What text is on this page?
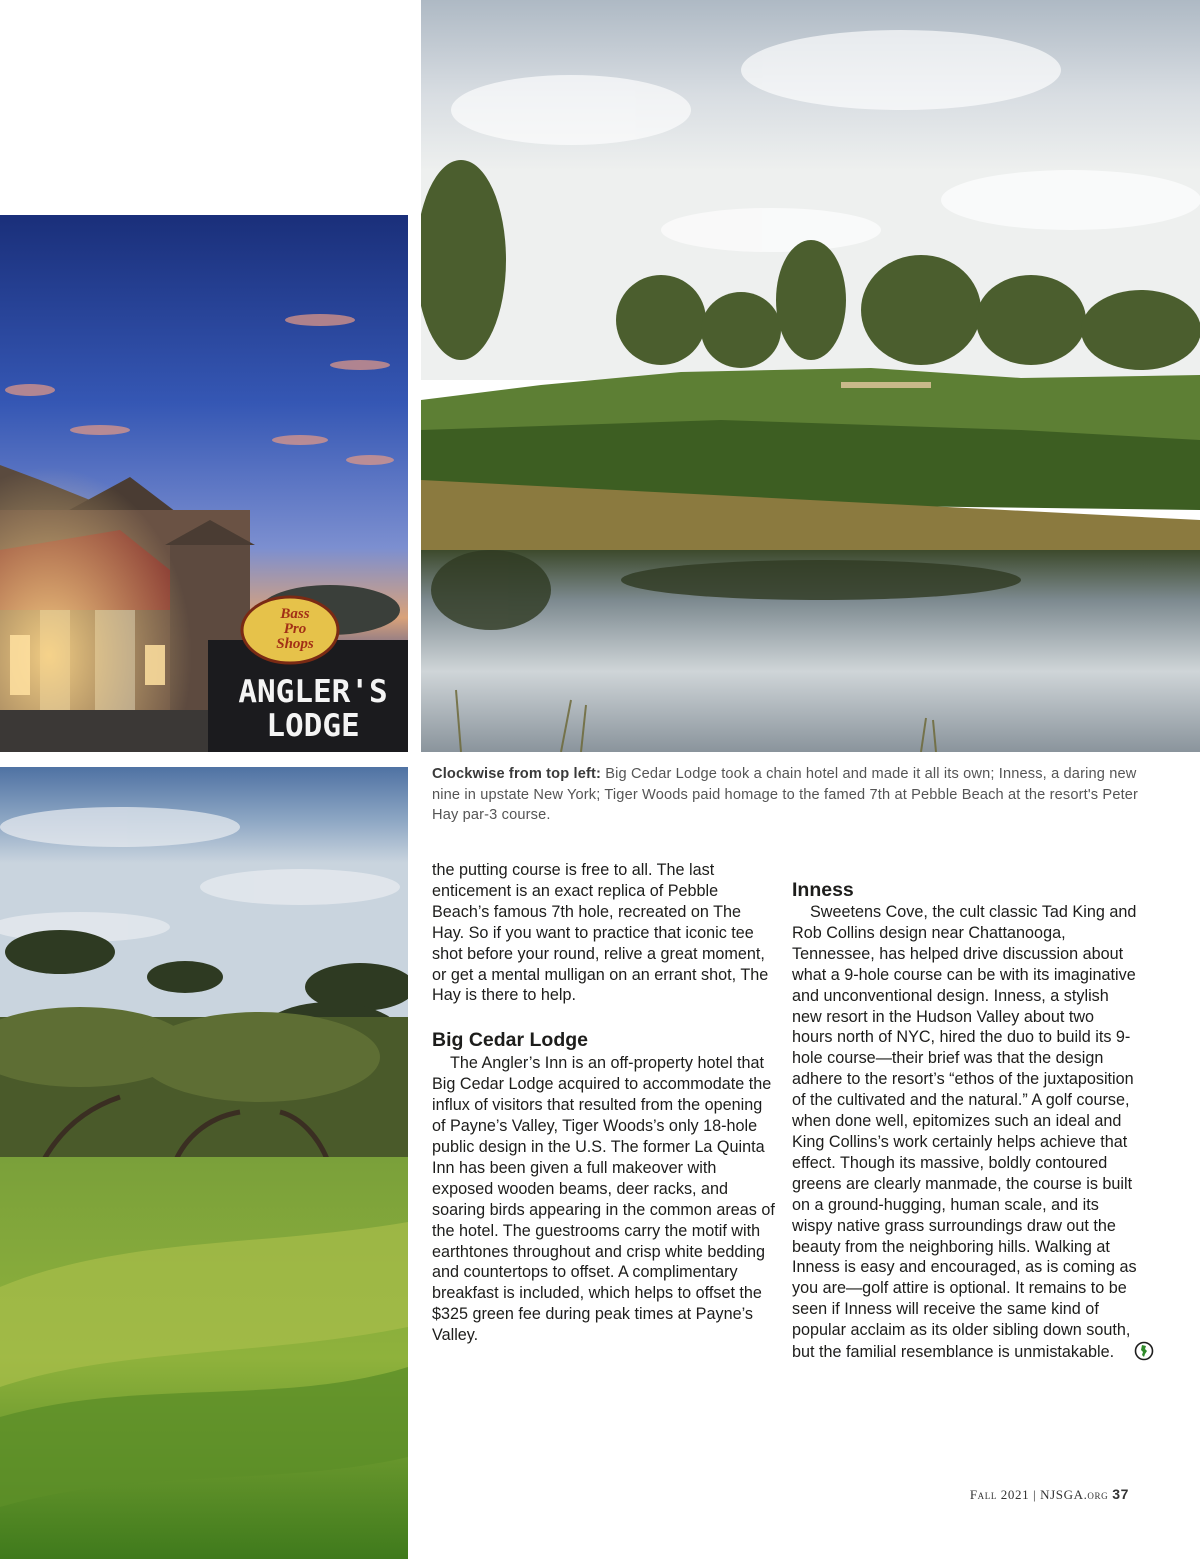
Bass
Pro
Shops
ANGLER'S
LODGE
Clockwise from top left: Big Cedar Lodge took a chain hotel and made it all its own; Inness, a daring new nine in upstate New York; Tiger Woods paid homage to the famed 7th at Pebble Beach at the resort's Peter Hay par-3 course.

the putting course is free to all. The last enticement is an exact replica of Pebble Beach’s famous 7th hole, recreated on The Hay. So if you want to practice that iconic tee shot before your round, relive a great moment, or get a mental mulligan on an errant shot, The Hay is there to help.

Big Cedar Lodge

The Angler’s Inn is an off-property hotel that Big Cedar Lodge acquired to accommodate the influx of visitors that resulted from the opening of Payne’s Valley, Tiger Woods’s only 18-hole public design in the U.S. The former La Quinta Inn has been given a full makeover with exposed wooden beams, deer racks, and soaring birds appearing in the common areas of the hotel. The guestrooms carry the motif with earthtones throughout and crisp white bedding and countertops to offset. A complimentary breakfast is included, which helps to offset the $325 green fee during peak times at Payne’s Valley.

Inness

Sweetens Cove, the cult classic Tad King and Rob Collins design near Chattanooga, Tennessee, has helped drive discussion about what a 9-hole course can be with its imaginative and unconventional design. Inness, a stylish new resort in the Hudson Valley about two hours north of NYC, hired the duo to build its 9-hole course—their brief was that the design adhere to the resort’s “ethos of the juxtaposition of the cultivated and the natural.” A golf course, when done well, epitomizes such an ideal and King Collins’s work certainly helps achieve that effect. Though its massive, boldly contoured greens are clearly manmade, the course is built on a ground-hugging, human scale, and its wispy native grass surroundings draw out the beauty from the neighboring hills. Walking at Inness is easy and encouraged, as is coming as you are—golf attire is optional. It remains to be seen if Inness will receive the same kind of popular acclaim as its older sibling down south, but the familial resemblance is unmistakable.

Fall 2021 | NJSGA.org 37
